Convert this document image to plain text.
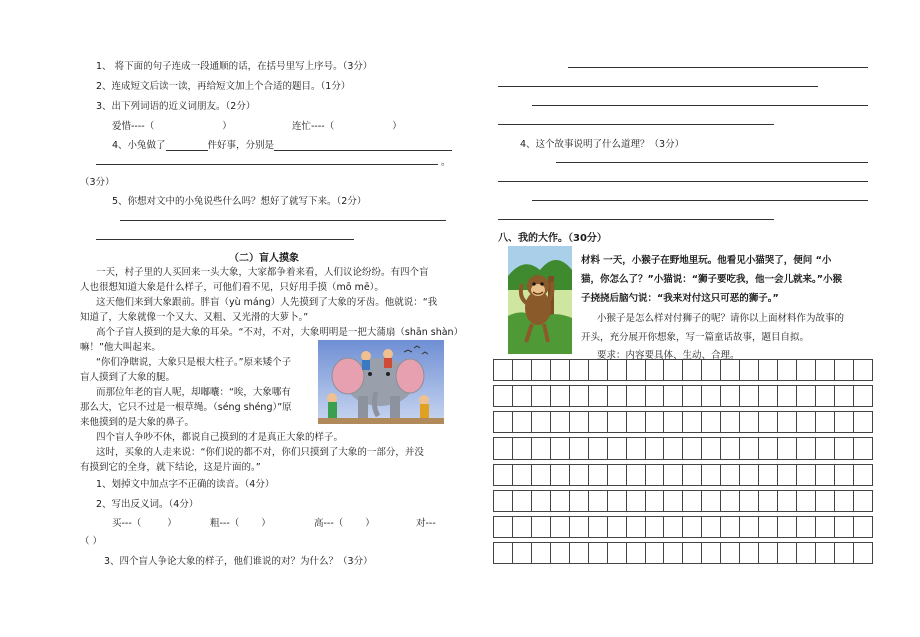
1、 将下面的句子连成一段通顺的话，在括号里写上序号。（3分）
2、连成短文后读一读，再给短文加上个合适的题目。（1分）
3、出下列词语的近义词朋友。（2分）
爱惜----（	）	连忙----（	）
4、小兔做了	件好事，分别是
。
（3分）
5、你想对文中的小兔说些什么吗？想好了就写下来。（2分）
（二）盲人摸象
一天，村子里的人买回来一头大象，大家都争着来看，人们议论纷纷。有四个盲
人也很想知道大象是什么样子，可他们看不见，只好用手摸（mō mē）。
这天他们来到大象跟前。胖盲（yù máng）人先摸到了大象的牙齿。他就说：“我
知道了，大象就像一个又大、又粗、又光滑的大萝卜。”
高个子盲人摸到的是大象的耳朵。“不对，不对，大象明明是一把大蒲扇（shān shàn）
嘛！”他大叫起来。
“你们净瞎说，大象只是根大柱子。”原来矮个子
盲人摸到了大象的腿。
而那位年老的盲人呢，却嘟囔：“唉，大象哪有
那么大，它只不过是一根草绳。（séng shéng）”原
来他摸到的是大象的鼻子。
四个盲人争吵不休，都说自己摸到的才是真正大象的样子。
这时，买象的人走来说：“你们说的都不对，你们只摸到了大象的一部分，并没
有摸到它的全身，就下结论，这是片面的。”
1、划掉文中加点字不正确的读音。（4分）
2、写出反义词。（4分）
买---（	）	粗---（ ）	高---（ ）	对---
（ ）
3、四个盲人争论大象的样子，他们谁说的对？为什么？（3分）
4、这个故事说明了什么道理？（3分）
八、我的大作。（30分）
材料 一天，小猴子在野地里玩。他看见小猫哭了，便问 “小
猫，你怎么了？”小猫说：“狮子要吃我，他一会儿就来。”小猴
子挠挠后脑勺说：“我来对付这只可恶的狮子。”
小猴子是怎么样对付狮子的呢？请你以上面材料作为故事的
开头，充分展开你想象，写一篇童话故事，题目自拟。
要求：内容要具体、生动、合理。
